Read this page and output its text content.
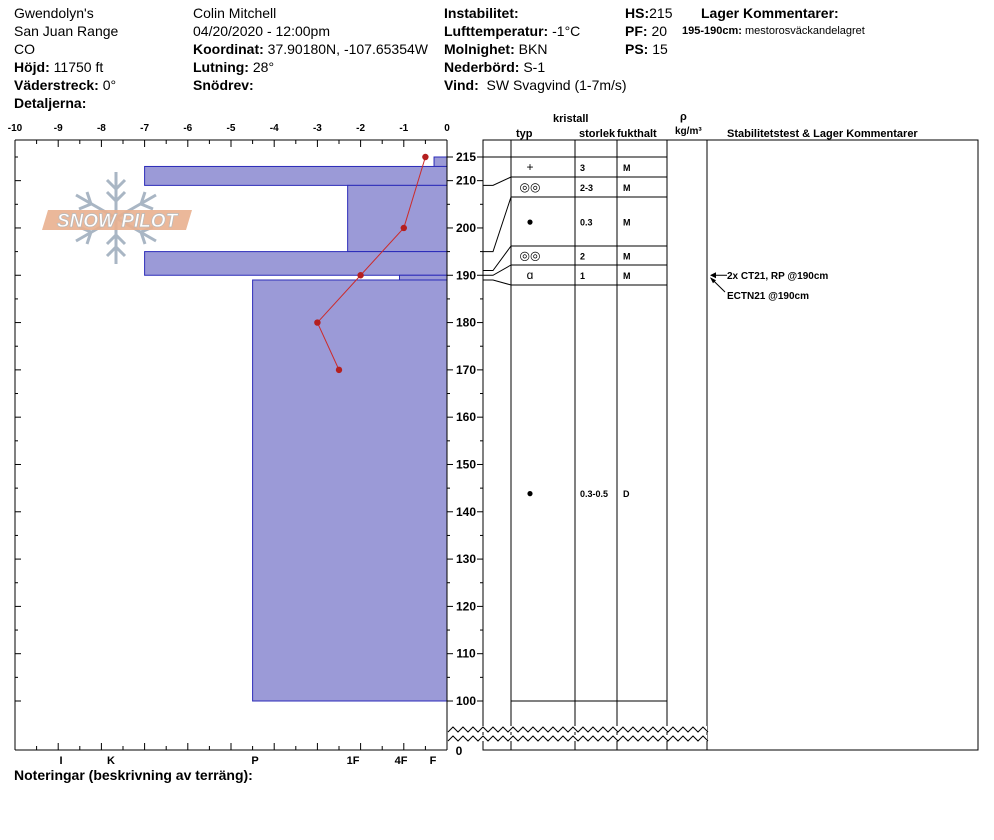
Gwendolyn's
San Juan Range
CO
Höjd: 11750 ft
Väderstreck: 0°
Detaljerna:
Colin Mitchell
04/20/2020 - 12:00pm
Koordinat: 37.90180N, -107.65354W
Lutning: 28°
Snödrev:
Instabilitet:
Lufttemperatur: -1°C
Molnighet: BKN
Nederbörd: S-1
Vind: SW Svagvind (1-7m/s)
HS:215
PF: 20
PS: 15
Lager Kommentarer:
195-190cm: mestorosväckandelagret
kristall
typ	storlek fukthalt
ρ
kg/m³ Stabilitetstest & Lager Kommentarer
Noteringar (beskrivning av terräng):
SNOW PILOT
-10	-9	-8	-7	-6	-5	-4	-3	-2	-1	0
I	K	P	1F	4F F
215
210
200
190
180
170
160
150
140
130
120
110
100
0
+	3	M
◎◎	2-3	M
●	0.3	M
◎◎	2	M
ɑ	1	M
●	0.3-0.5 D
2x CT21, RP @190cm
ECTN21 @190cm
